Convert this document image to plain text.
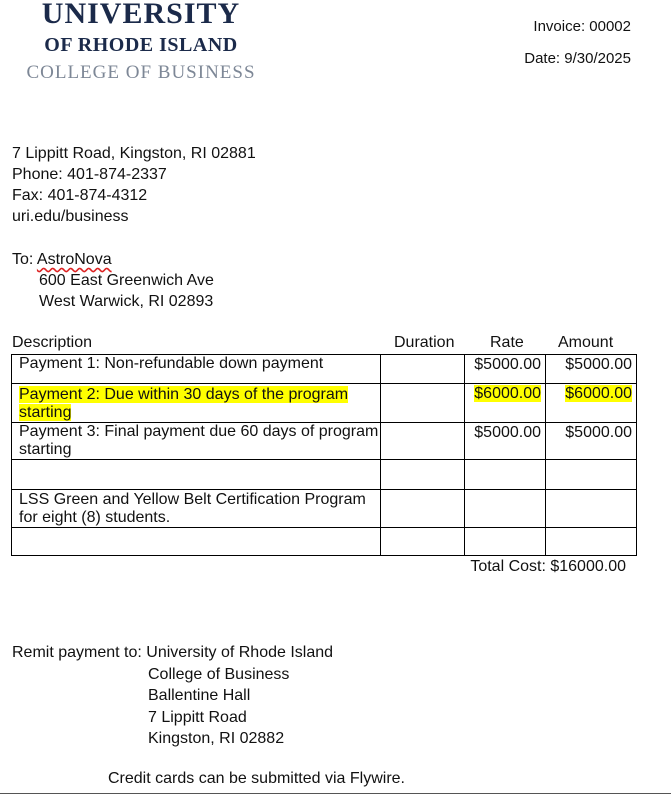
UNIVERSITY
OF RHODE ISLAND
COLLEGE OF BUSINESS
Invoice: 00002
Date: 9/30/2025
7 Lippitt Road, Kingston, RI 02881
Phone: 401-874-2337
Fax: 401-874-4312
uri.edu/business
To: AstroNova
600 East Greenwich Ave
West Warwick, RI 02893
Description	Duration Rate Amount
Payment 1: Non-refundable down payment		$5000.00	$5000.00
Payment 2: Due within 30 days of the program starting		$6000.00	$6000.00
Payment 3: Final payment due 60 days of program starting		$5000.00	$5000.00

LSS Green and Yellow Belt Certification Program for eight (8) students.			

Total Cost: $16000.00
Remit payment to: University of Rhode Island
College of Business
Ballentine Hall
7 Lippitt Road
Kingston, RI 02882
Credit cards can be submitted via Flywire.
